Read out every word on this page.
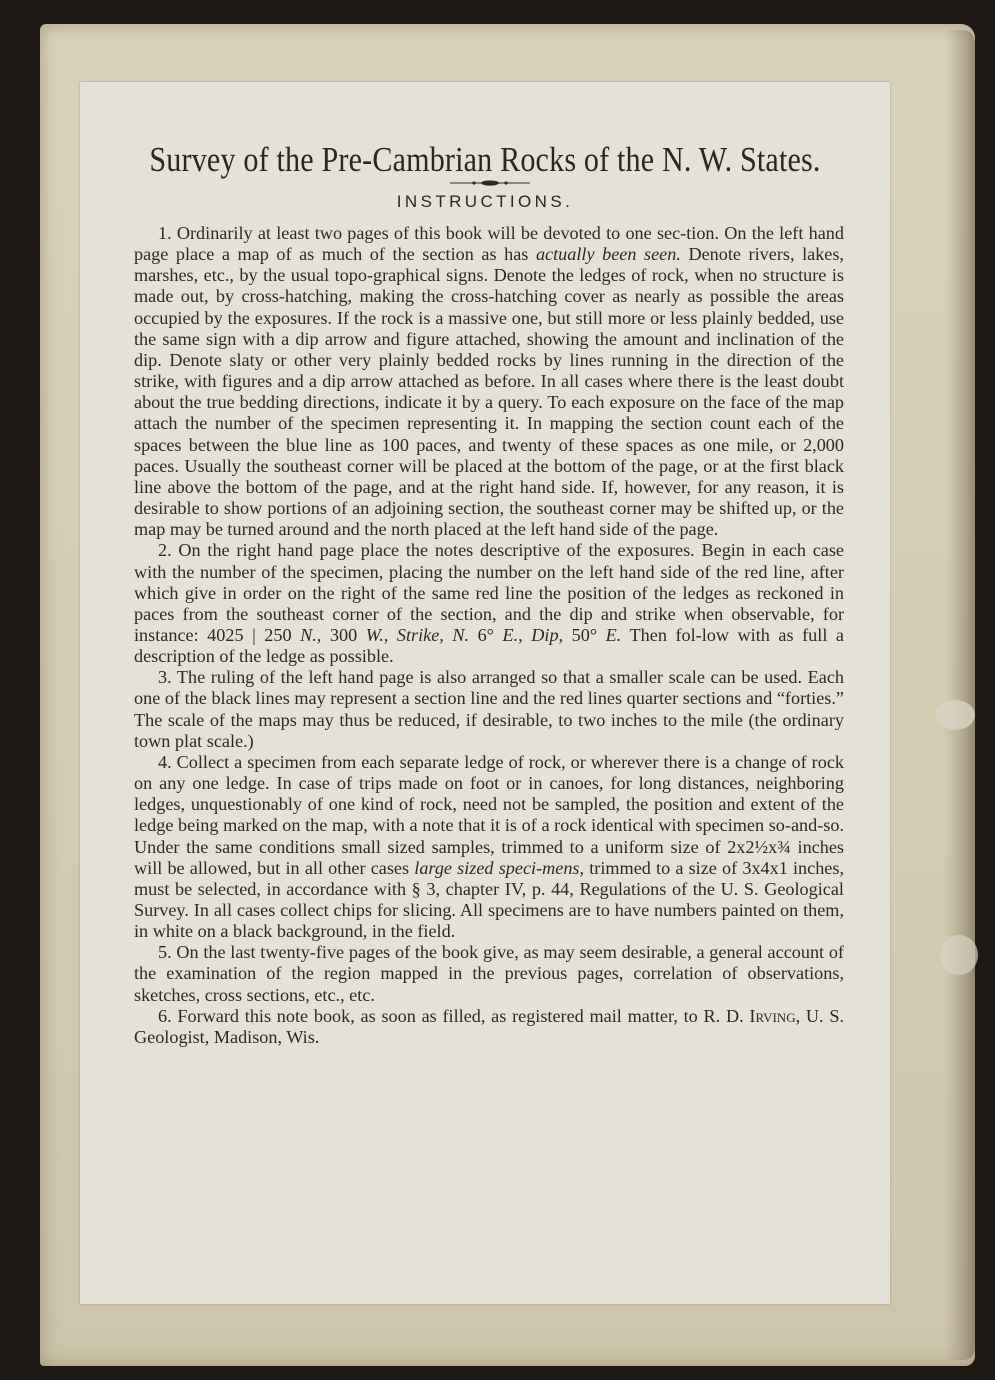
Survey of the Pre-Cambrian Rocks of the N. W. States.
INSTRUCTIONS.

1. Ordinarily at least two pages of this book will be devoted to one sec-tion. On the left hand page place a map of as much of the section as has actually been seen. Denote rivers, lakes, marshes, etc., by the usual topo-graphical signs. Denote the ledges of rock, when no structure is made out, by cross-hatching, making the cross-hatching cover as nearly as possible the areas occupied by the exposures. If the rock is a massive one, but still more or less plainly bedded, use the same sign with a dip arrow and figure attached, showing the amount and inclination of the dip. Denote slaty or other very plainly bedded rocks by lines running in the direction of the strike, with figures and a dip arrow attached as before. In all cases where there is the least doubt about the true bedding directions, indicate it by a query. To each exposure on the face of the map attach the number of the specimen representing it. In mapping the section count each of the spaces between the blue line as 100 paces, and twenty of these spaces as one mile, or 2,000 paces. Usually the southeast corner will be placed at the bottom of the page, or at the first black line above the bottom of the page, and at the right hand side. If, however, for any reason, it is desirable to show portions of an adjoining section, the southeast corner may be shifted up, or the map may be turned around and the north placed at the left hand side of the page.

2. On the right hand page place the notes descriptive of the exposures. Begin in each case with the number of the specimen, placing the number on the left hand side of the red line, after which give in order on the right of the same red line the position of the ledges as reckoned in paces from the southeast corner of the section, and the dip and strike when observable, for instance: 4025 | 250 N., 300 W., Strike, N. 6° E., Dip, 50° E. Then fol-low with as full a description of the ledge as possible.

3. The ruling of the left hand page is also arranged so that a smaller scale can be used. Each one of the black lines may represent a section line and the red lines quarter sections and “forties.” The scale of the maps may thus be reduced, if desirable, to two inches to the mile (the ordinary town plat scale.)

4. Collect a specimen from each separate ledge of rock, or wherever there is a change of rock on any one ledge. In case of trips made on foot or in canoes, for long distances, neighboring ledges, unquestionably of one kind of rock, need not be sampled, the position and extent of the ledge being marked on the map, with a note that it is of a rock identical with specimen so-and-so. Under the same conditions small sized samples, trimmed to a uniform size of 2x2½x¾ inches will be allowed, but in all other cases large sized speci-mens, trimmed to a size of 3x4x1 inches, must be selected, in accordance with § 3, chapter IV, p. 44, Regulations of the U. S. Geological Survey. In all cases collect chips for slicing. All specimens are to have numbers painted on them, in white on a black background, in the field.

5. On the last twenty-five pages of the book give, as may seem desirable, a general account of the examination of the region mapped in the previous pages, correlation of observations, sketches, cross sections, etc., etc.

6. Forward this note book, as soon as filled, as registered mail matter, to R. D. Irving, U. S. Geologist, Madison, Wis.
